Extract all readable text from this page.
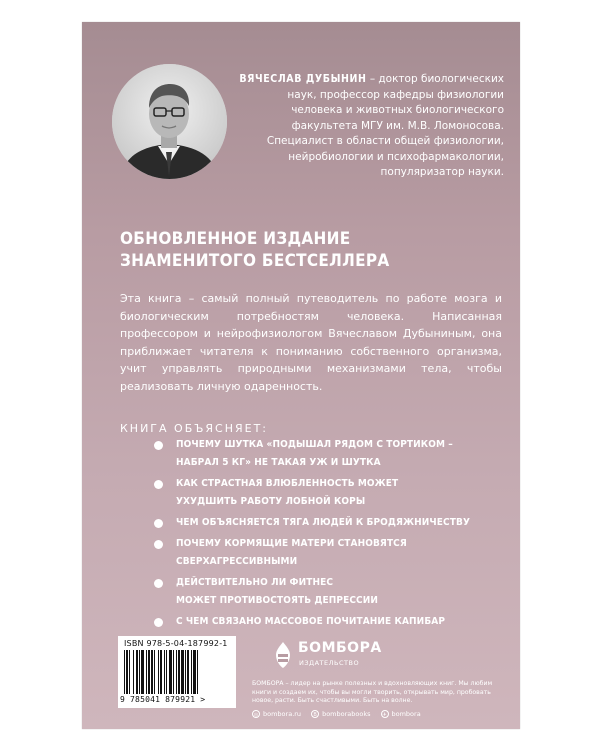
ВЯЧЕСЛАВ ДУБЫНИН – доктор биологических наук, профессор кафедры физиологии человека и животных биологического факультета МГУ им. М.В. Ломоносова. Специалист в области общей физиологии, нейробиологии и психофармакологии, популяризатор науки.
ОБНОВЛЕННОЕ ИЗДАНИЕ
ЗНАМЕНИТОГО БЕСТСЕЛЛЕРА
Эта книга – самый полный путеводитель по работе мозга и биологическим потребностям человека. Написанная профессором и нейрофизиологом Вячеславом Дубыниным, она приближает читателя к пониманию собственного организма, учит управлять природными механизмами тела, чтобы реализовать личную одаренность.
КНИГА ОБЪЯСНЯЕТ:
ПОЧЕМУ ШУТКА «ПОДЫШАЛ РЯДОМ С ТОРТИКОМ –
НАБРАЛ 5 КГ» НЕ ТАКАЯ УЖ И ШУТКА
КАК СТРАСТНАЯ ВЛЮБЛЕННОСТЬ МОЖЕТ
УХУДШИТЬ РАБОТУ ЛОБНОЙ КОРЫ
ЧЕМ ОБЪЯСНЯЕТСЯ ТЯГА ЛЮДЕЙ К БРОДЯЖНИЧЕСТВУ
ПОЧЕМУ КОРМЯЩИЕ МАТЕРИ СТАНОВЯТСЯ
СВЕРХАГРЕССИВНЫМИ
ДЕЙСТВИТЕЛЬНО ЛИ ФИТНЕС
МОЖЕТ ПРОТИВОСТОЯТЬ ДЕПРЕССИИ
С ЧЕМ СВЯЗАНО МАССОВОЕ ПОЧИТАНИЕ КАПИБАР
ISBN 978-5-04-187992-1
9 785041 879921 >
БОМБОРА
ИЗДАТЕЛЬСТВО
БОМБОРА – лидер на рынке полезных и вдохновляющих книг. Мы любим книги и создаем их, чтобы вы могли творить, открывать мир, пробовать новое, расти. Быть счастливыми. Быть на волне.
◎ bombora.ru	В bomborabooks	✈ bombora
